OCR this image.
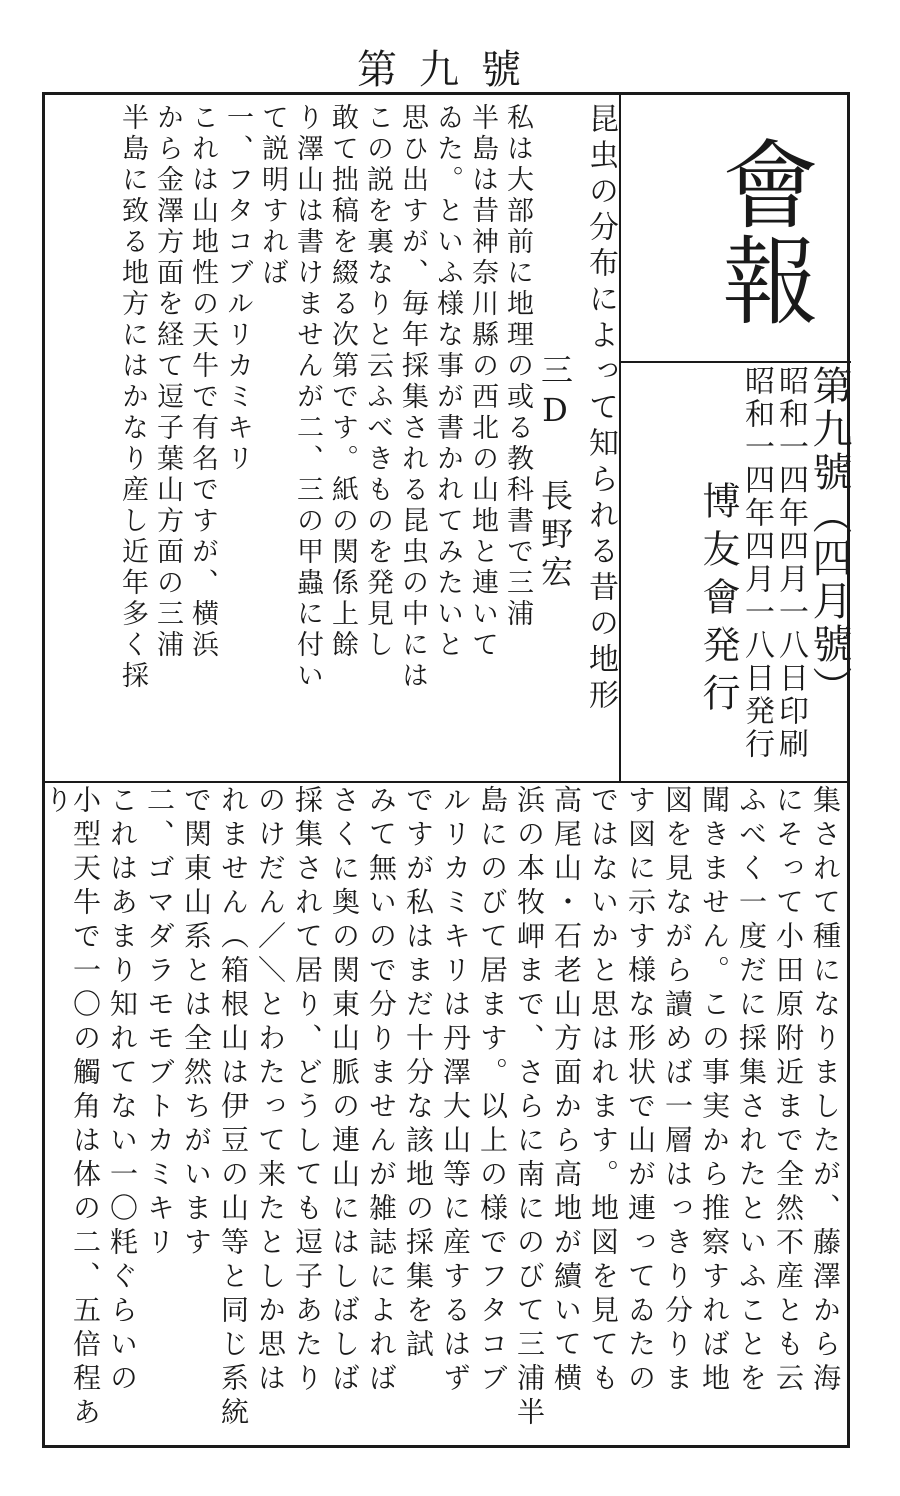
第九號
會報
第九號（四月號）
昭和一四年四月一八日印刷
昭和一四年四月一八日発行
博友會発行
昆虫の分布によって知られる昔の地形
三D 長野宏
私は大部前に地理の或る教科書で三浦
半島は昔神奈川縣の西北の山地と連いて
ゐた。といふ様な事が書かれてみたいと
思ひ出すが、毎年採集される昆虫の中には
この説を裏なりと云ふべきものを発見し
敢て拙稿を綴る次第です。紙の関係上餘
り澤山は書けませんが二、三の甲蟲に付い
て説明すれば
一、フタコブルリカミキリ
これは山地性の天牛で有名ですが、横浜
から金澤方面を経て逗子葉山方面の三浦
半島に致る地方にはかなり産し近年多く採
集されて種になりましたが、藤澤から海
にそって小田原附近まで全然不産とも云
ふべく一度だに採集されたといふことを
聞きません。この事実から推察すれば地
図を見ながら讀めば一層はっきり分りま
す図に示す様な形状で山が連ってゐたの
ではないかと思はれます。地図を見ても
高尾山・石老山方面から高地が續いて横
浜の本牧岬まで、さらに南にのびて三浦半
島にのびて居ます。以上の様でフタコブ
ルリカミキリは丹澤大山等に産するはず
ですが私はまだ十分な該地の採集を試
みて無いので分りませんが雑誌によれば
さくに奥の関東山脈の連山にはしばしば
採集されて居り、どうしても逗子あたり
のけだん／＼とわたって来たとしか思は
れません（箱根山は伊豆の山等と同じ系統
で関東山系とは全然ちがいます
二、ゴマダラモモブトカミキリ
これはあまり知れてない一〇粍ぐらいの
小型天牛で一〇の觸角は体の二、五倍程あり
